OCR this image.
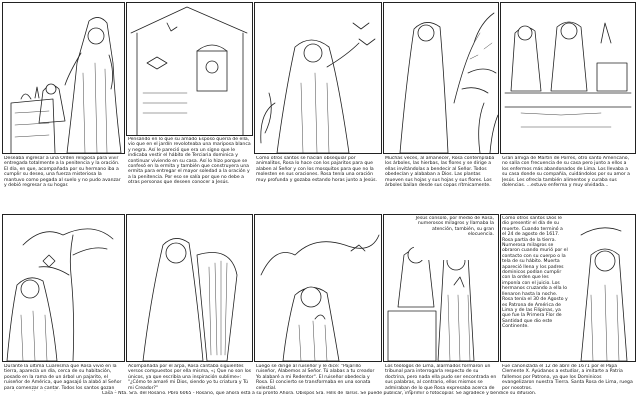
Deseaba ingresar a una Orden religiosa para vivir entregada totalmente a la penitencia y la oración. El día, en que, acompañada por su hermano iba a cumplir su deseo, una fuerza misteriosa la mantuvo como pegada al suelo y no pudo avanzar y debió regresar a su hogar.
Pensando en lo que su amado Esposo quería de ella, vio que en el jardín revoloteaba una mariposa blanca y negra. Así le pareció que era un signo que le indicaba vestir el hábito de Terciaria dominica y continuar viviendo en su casa. Así lo hizo porque se confesó en la ermita y también que construyera una ermita para entregar el mayor soledad a la oración y a la penitencia. Por eso se salía por que no debe a otras personas que deseen conocer a Jesús.
Como otros santos se hacían obsequiar por animalitos, Rosa lo hace con los pajaritos para que alaben al Señor y con los mosquitos para que no la molesten en sus oraciones. Rosa tenía una oración muy profunda y gozaba estando horas junto a Jesús.
Muchas veces, al amanecer, Rosa contemplaba los árboles, las hierbas, las flores y se dirige a ellas invitándolas a bendecir al Señor. Todos obedecían y alababan a Dios. Las plantas mueven sus hojas y sus hojas y sus flores. Los árboles bailan desde sus copas rítmicamente.
Gran amiga de Martín de Porres, otro santo Americano, no salía con frecuencia de su casa pero junto a ellos a los enfermos más abandonados de Lima. Los llevaba a su casa donde su compañía, cuidándolos por su amor a Jesús. Les ofrecía también alimentos y curaba sus dolencias. ...estuvo enferma y muy olvidada...
Jesús consoló, por medio de Rosa, numerosos milagros y llamaba la atención, también, su gran elocuencia.
Como otros santos Dios le dio presentir el día de su muerte. Cuando terminó a el 24 de agosto de 1617. Rosa partía de la tierra. Numerosa milagros se obraron cuando murió por el contacto con su cuerpo o la tela de su hábito. Muerta apareció llena y los padres dominicos podían cumplir con la orden que les imponía con el juicio. Los hermanos cruzando a ella lo llenaron hasta la noche. Rosa tenía el 30 de Agosto y es Patrona de América de Lima y de las Filipinas, ya que fue la Primera Flor de Santidad que dio este Continente.
Durante la última Cuaresma que Rosa vivió en la tierra, aparecía un día, cerca de su habitación, posado en la rama de un árbol un pajarito, el ruiseñor de América, que agasajó la alabó al Señor para comenzar a cantar. Todos los santos gozan
Acompañada por el arpa, Rosa cantaba siguientes versos compuestos por ella misma, «¡ Que no son los únicos, ya que escribía una inspiración sublime»: "¿Cómo te amaré mi Dios, siendo yo tu criatura y Tú mi Creador?"
Luego se dirige al ruiseñor y le dice: "Pajarillo ruiseñor, Alabemos al Señor. Tú alabas a tu creador Yo alabaré a mi Redentor". El ruiseñor obedecía y Rosa. El concierto se transformaba en una sonata celestial.
Los teólogos de Lima, alarmados formaron un tribunal para interrogarla respecto de su doctrina, pero nada ella pudo ser encontrada en sus palabras, al contrario, ellos mismos se admiraban de lo que Rosa expresaba acerca de
Fue canonizada el 12 de abril de 1671 por el Papa Clemente X. Ayúdanos a estudiar, a imitarte a Patria fallemos por Patrona, ya que los Dominicos evangelizaron nuestra Tierra. Santa Rosa de Lima, ruega por nosotros.
Casa – Nta. Sra. del Rosario. Pbro 6065 - Rosario, que ahora está a su pronto Ahora. Obispos Sra. Hills de Tarsis. Se puede publicar, imprimir o fotocopiar. Se agradece y bendice su difusión.
